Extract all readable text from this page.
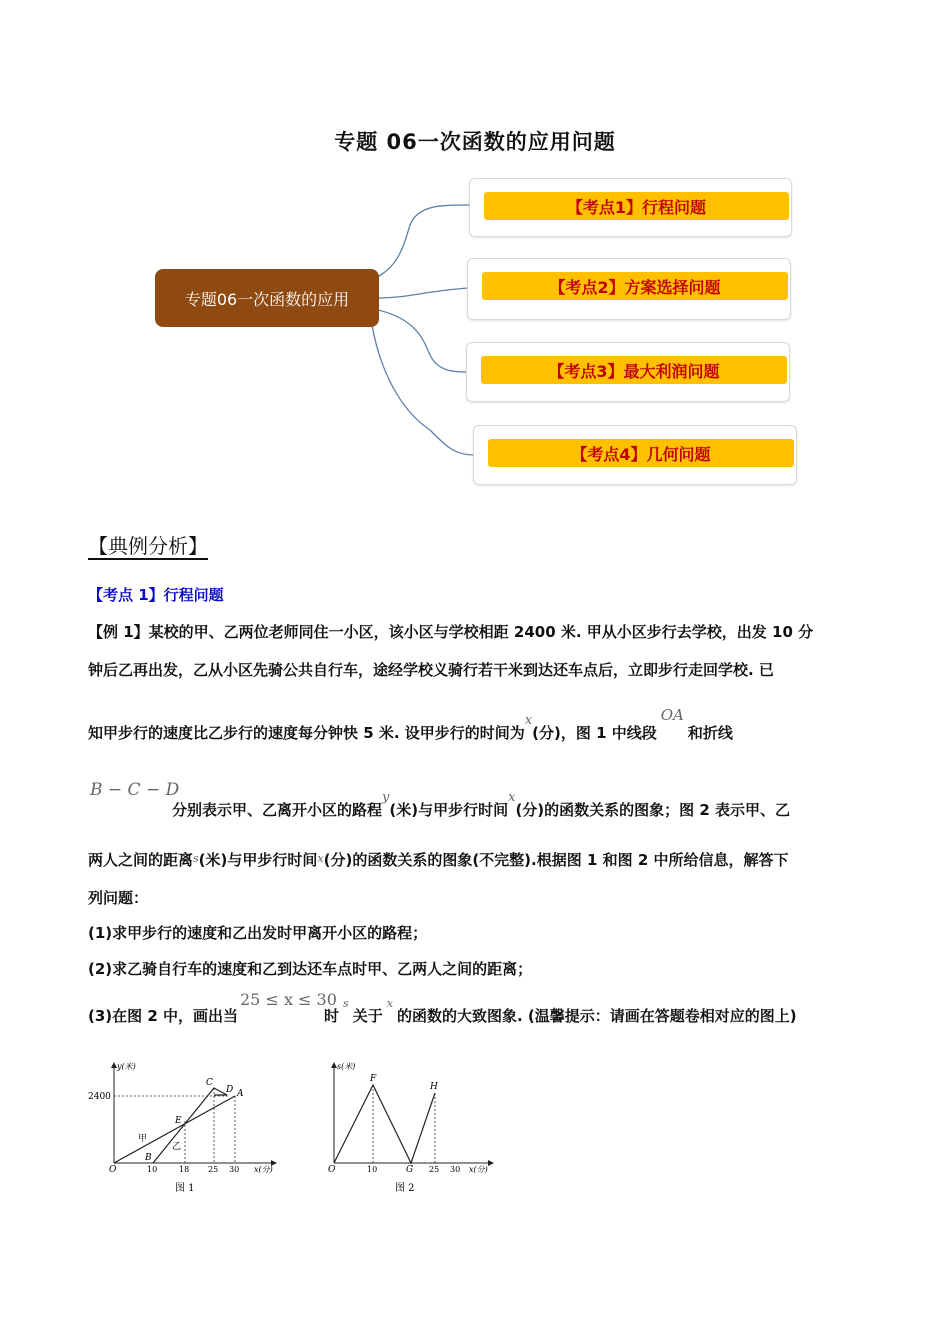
专题 06一次函数的应用问题
专题06一次函数的应用
【考点1】行程问题
【考点2】方案选择问题
【考点3】最大利润问题
【考点4】几何问题
【典例分析】
【考点 1】行程问题
【例 1】某校的甲、乙两位老师同住一小区，该小区与学校相距 2400 米. 甲从小区步行去学校，出发 10 分
钟后乙再出发，乙从小区先骑公共自行车，途经学校义骑行若干米到达还车点后，立即步行走回学校. 已
知甲步行的速度比乙步行的速度每分钟快 5 米. 设甲步行的时间为x(分)，图 1 中线段OA和折线
B − C − D
分别表示甲、乙离开小区的路程y(米)与甲步行时间x(分)的函数关系的图象；图 2 表示甲、乙
两人之间的距离$^s$(米)与甲步行时间$^x$(分)的函数关系的图象(不完整).根据图 1 和图 2 中所给信息，解答下
列问题：
(1)求甲步行的速度和乙出发时甲离开小区的路程；
(2)求乙骑自行车的速度和乙到达还车点时甲、乙两人之间的距离；
25 ≤ x ≤ 30
(3)在图 2 中，画出当	时$^s$关于$^x$的函数的大致图象. (温馨提示：请画在答题卷相对应的图上)
y(米)
x(分)
2400
O	10	18 25 30
A
B
C
D
E
甲
乙
图 1
s(米)
x(分)
O	10	25 30
F
G
H
图 2
